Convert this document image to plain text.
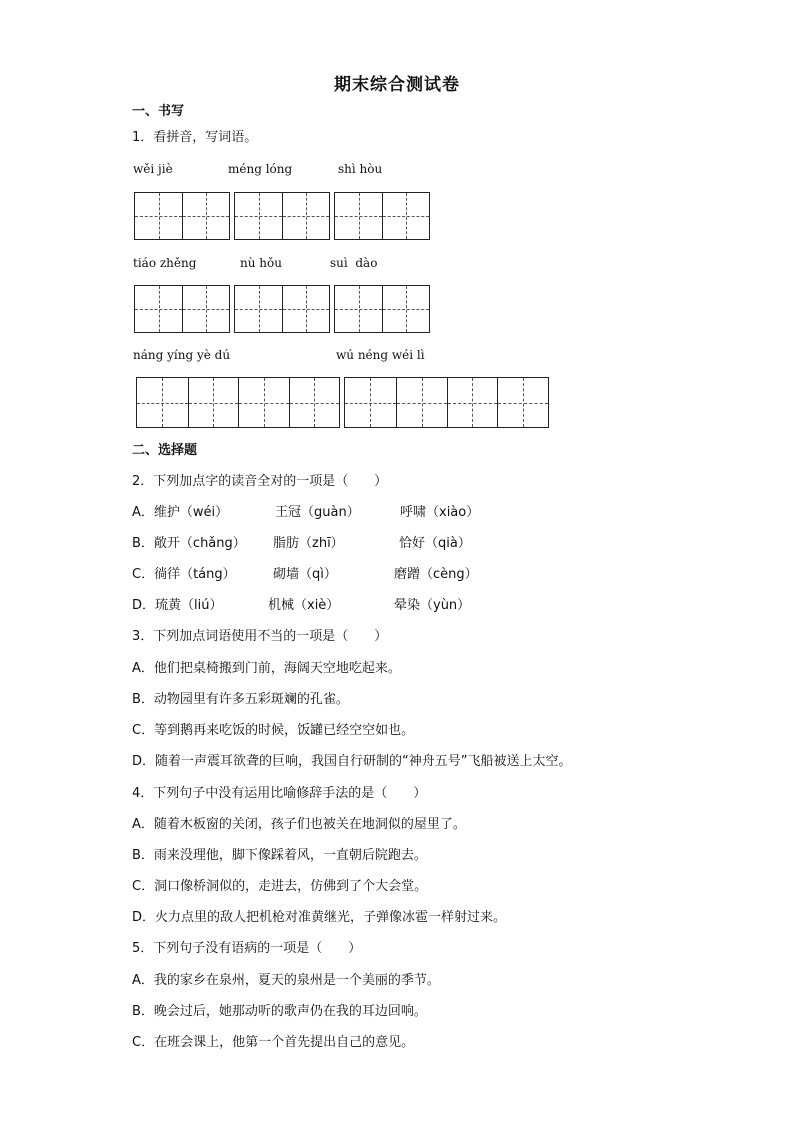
期末综合测试卷
一、书写
1．看拼音，写词语。
wěi jiè	méng lóng	shì hòu
tiáo zhěng	nù hǒu	suì  dào
náng yíng yè dú	wú néng wéi lì
二、选择题
2．下列加点字的读音全对的一项是（　　）
A．维护（wéi）	王冠（guàn）	呼啸（xiào）
B．敞开（chǎng） 脂肪（zhī）	恰好（qià）
C．徜徉（táng）	砌墙（qì）	磨蹭（cèng）
D．琉黄（liú）	机械（xiè）	晕染（yùn）
3．下列加点词语使用不当的一项是（　　）
A．他们把桌椅搬到门前，海阔天空地吃起来。
B．动物园里有许多五彩斑斓的孔雀。
C．等到鹅再来吃饭的时候，饭罐已经空空如也。
D．随着一声震耳欲聋的巨响，我国自行研制的“神舟五号”飞船被送上太空。
4．下列句子中没有运用比喻修辞手法的是（　　）
A．随着木板窗的关闭，孩子们也被关在地洞似的屋里了。
B．雨来没理他，脚下像踩着风，一直朝后院跑去。
C．洞口像桥洞似的，走进去，仿佛到了个大会堂。
D．火力点里的敌人把机枪对准黄继光，子弹像冰雹一样射过来。
5．下列句子没有语病的一项是（　　）
A．我的家乡在泉州，夏天的泉州是一个美丽的季节。
B．晚会过后，她那动听的歌声仍在我的耳边回响。
C．在班会课上，他第一个首先提出自己的意见。
